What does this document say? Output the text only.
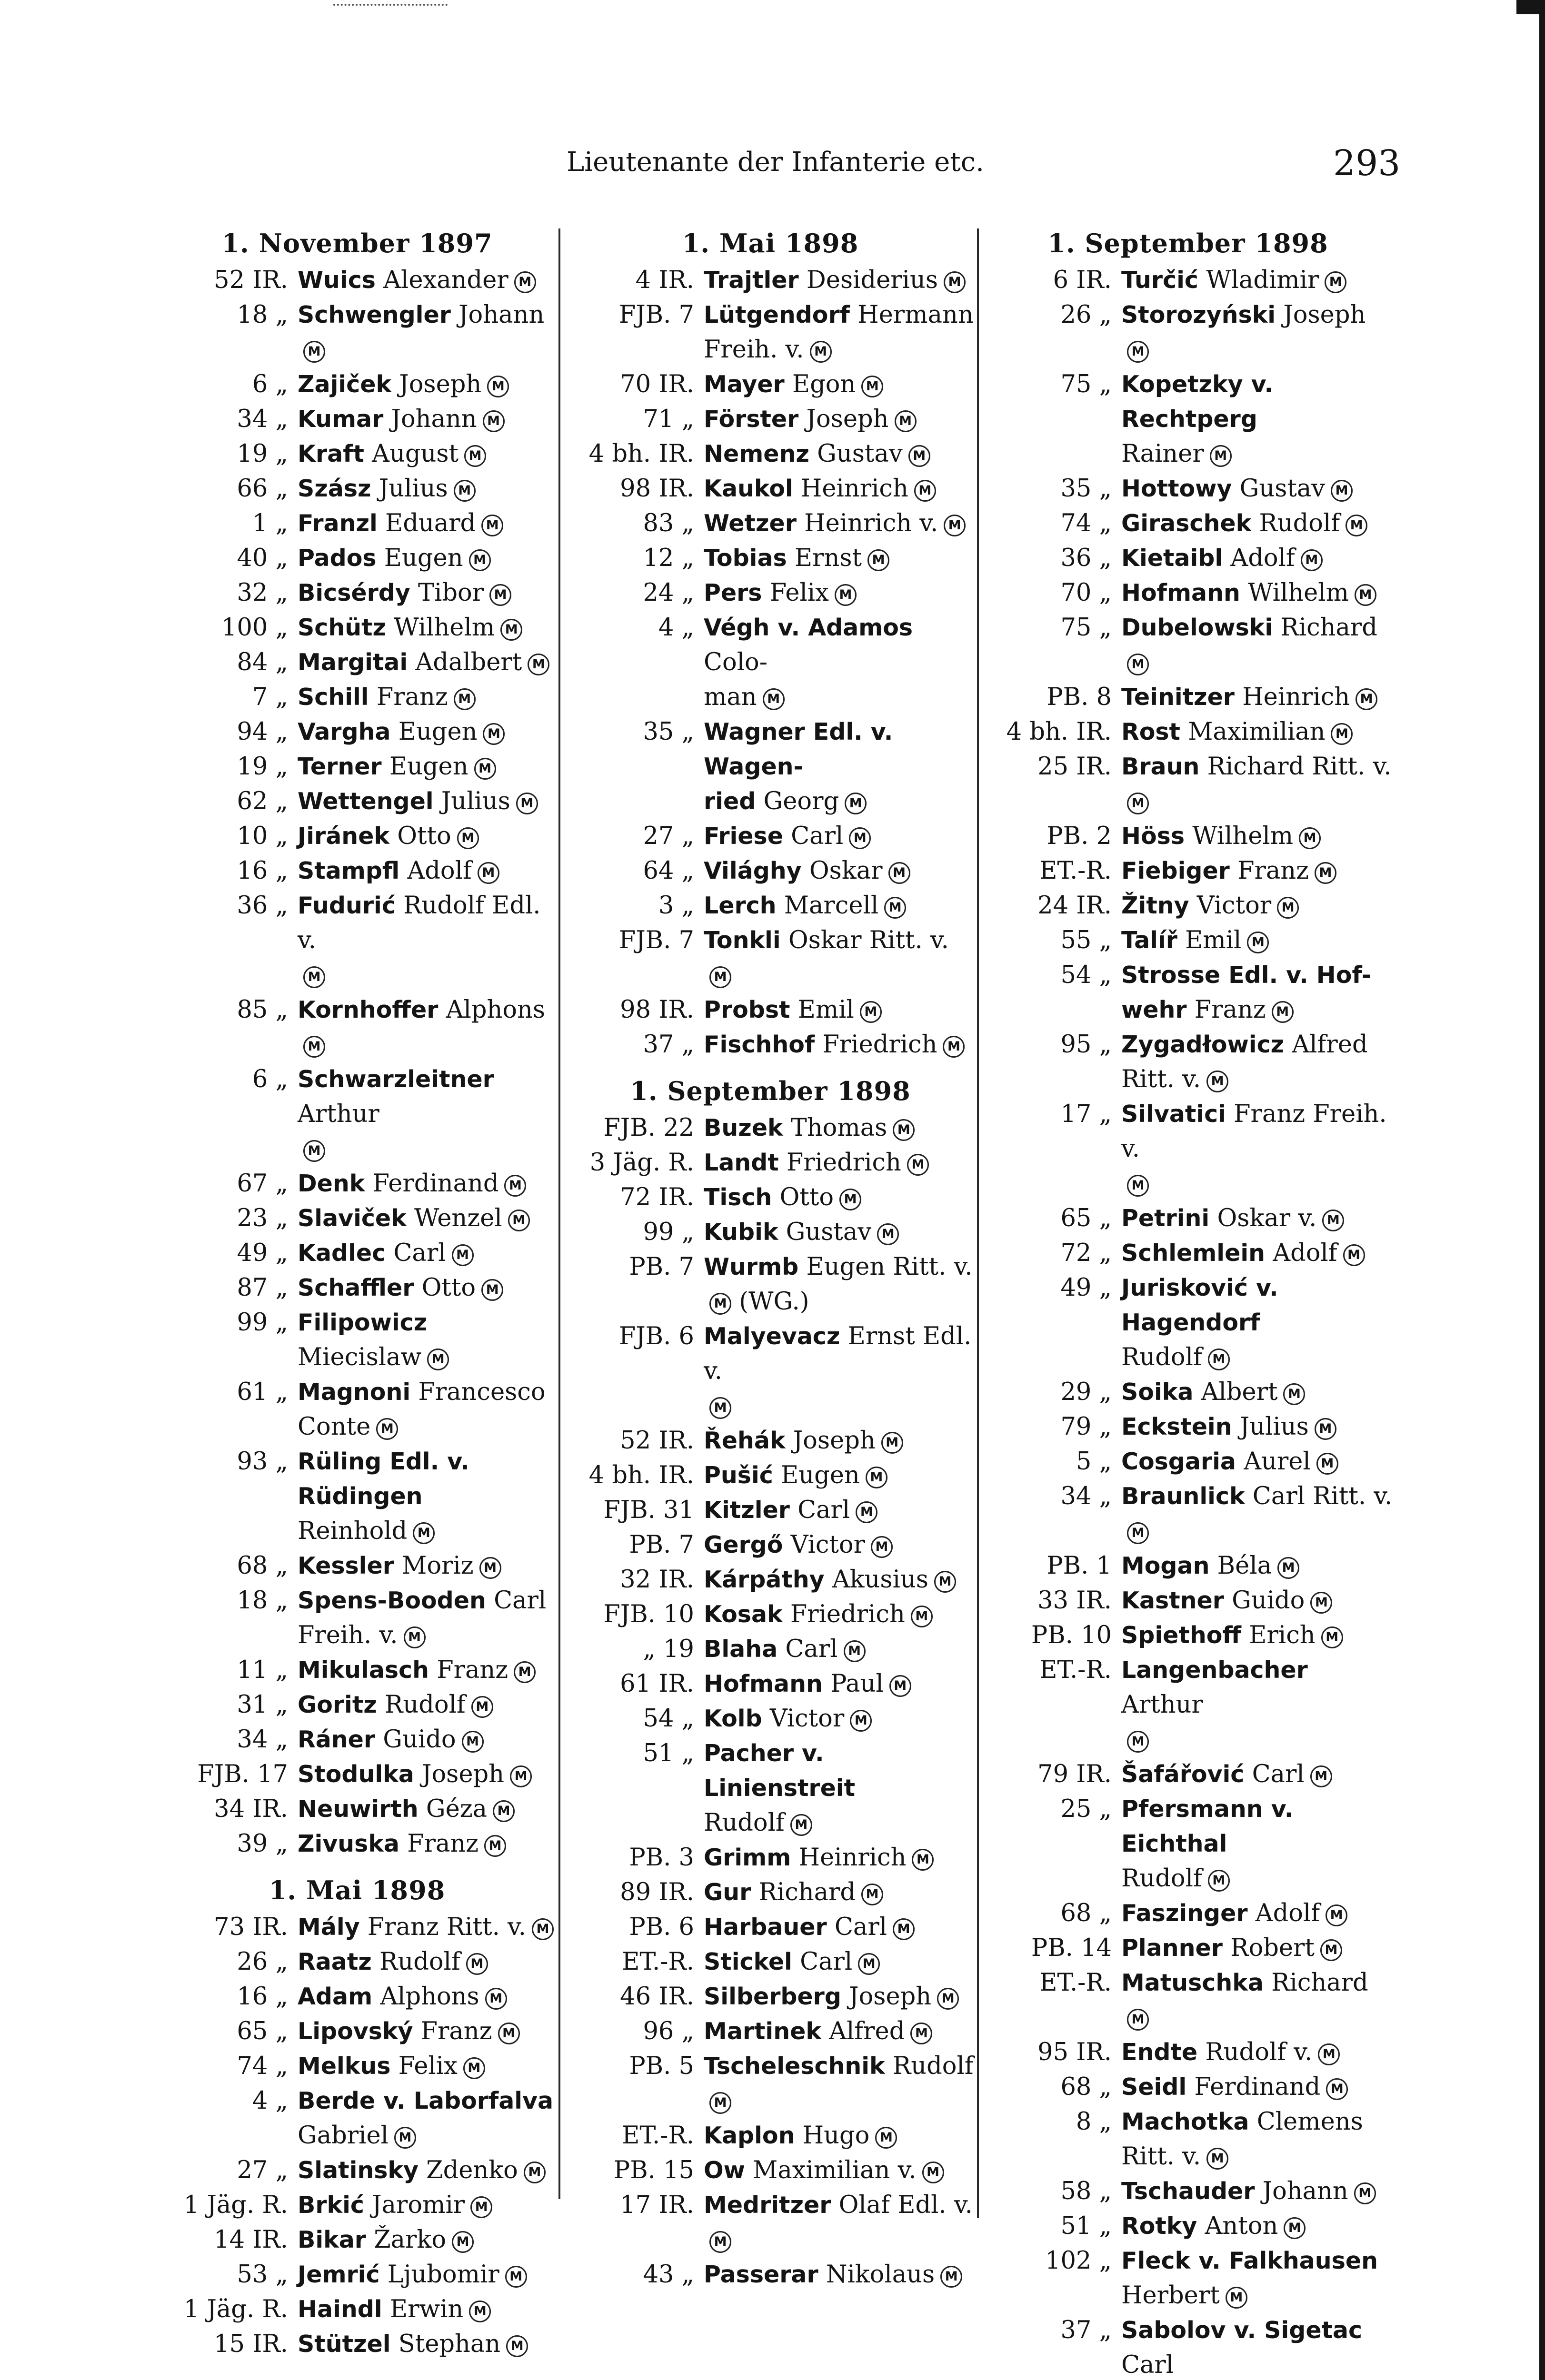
Lieutenante der Infanterie etc.	293
1. November 1897
52 IR. Wuics Alexander M
18 „ Schwengler JohannM
6 „ Zajiček Joseph M
34 „ Kumar Johann M
19 „ Kraft August M
66 „ Szász Julius M
1 „ Franzl Eduard M
40 „ Pados Eugen M
32 „ Bicsérdy Tibor M
100 „ Schütz Wilhelm M
84 „ Margitai Adalbert M
7 „ Schill Franz M
94 „ Vargha Eugen M
19 „ Terner Eugen M
62 „ Wettengel Julius M
10 „ Jiránek Otto M
16 „ Stampfl Adolf M
36 „ Fudurić Rudolf Edl. v.
M
85 „ Kornhoffer AlphonsM
6 „ Schwarzleitner Arthur
M
67 „ Denk Ferdinand M
23 „ Slaviček Wenzel M
49 „ Kadlec Carl M
87 „ Schaffler Otto M
99 „ Filipowicz Miecislaw M
61 „ Magnoni Francesco
Conte M
93 „ Rüling Edl. v. Rüdingen
Reinhold M
68 „ Kessler Moriz M
18 „ Spens-Booden Carl
Freih. v. M
11 „ Mikulasch Franz M
31 „ Goritz Rudolf M
34 „ Ráner Guido M
FJB. 17 Stodulka Joseph M
34 IR. Neuwirth Géza M
39 „ Zivuska Franz M
1. Mai 1898
73 IR. Mály Franz Ritt. v. M
26 „ Raatz Rudolf M
16 „ Adam Alphons M
65 „ Lipovský Franz M
74 „ Melkus Felix M
4 „ Berde v. Laborfalva
Gabriel M
27 „ Slatinsky Zdenko M
1 Jäg. R. Brkić Jaromir M
14 IR. Bikar Žarko M
53 „ Jemrić Ljubomir M
1 Jäg. R. Haindl Erwin M
15 IR. Stützel Stephan M
1. Mai 1898
4 IR. Trajtler Desiderius M
FJB. 7 Lütgendorf Hermann
Freih. v. M
70 IR. Mayer Egon M
71 „ Förster Joseph M
4 bh. IR. Nemenz Gustav M
98 IR. Kaukol Heinrich M
83 „ Wetzer Heinrich v. M
12 „ Tobias Ernst M
24 „ Pers Felix M
4 „ Végh v. Adamos Colo-
man M
35 „ Wagner Edl. v. Wagen-
ried Georg M
27 „ Friese Carl M
64 „ Világhy Oskar M
3 „ Lerch Marcell M
FJB. 7 Tonkli Oskar Ritt. v.
M
98 IR. Probst Emil M
37 „ Fischhof Friedrich M
1. September 1898
FJB. 22 Buzek Thomas M
3 Jäg. R. Landt Friedrich M
72 IR. Tisch Otto M
99 „ Kubik Gustav M
PB. 7 Wurmb Eugen Ritt. v.
M (WG.)
FJB. 6 Malyevacz Ernst Edl. v.
M
52 IR. Řehák Joseph M
4 bh. IR. Pušić Eugen M
FJB. 31 Kitzler Carl M
PB. 7 Gergő Victor M
32 IR. Kárpáthy Akusius M
FJB. 10 Kosak Friedrich M
„ 19 Blaha Carl M
61 IR. Hofmann Paul M
54 „ Kolb Victor M
51 „ Pacher v. Linienstreit
Rudolf M
PB. 3 Grimm Heinrich M
89 IR. Gur Richard M
PB. 6 Harbauer Carl M
ET.-R. Stickel Carl M
46 IR. Silberberg Joseph M
96 „ Martinek Alfred M
PB. 5 Tscheleschnik RudolfM
ET.-R. Kaplon Hugo M
PB. 15 Ow Maximilian v. M
17 IR. Medritzer Olaf Edl. v.
M
43 „ Passerar Nikolaus M
1. September 1898
6 IR. Turčić Wladimir M
26 „ Storozyński JosephM
75 „ Kopetzky v. Rechtperg
Rainer M
35 „ Hottowy Gustav M
74 „ Giraschek Rudolf M
36 „ Kietaibl Adolf M
70 „ Hofmann Wilhelm M
75 „ Dubelowski RichardM
PB. 8 Teinitzer Heinrich M
4 bh. IR. Rost Maximilian M
25 IR. Braun Richard Ritt. v.
M
PB. 2 Höss Wilhelm M
ET.-R. Fiebiger Franz M
24 IR. Žitny Victor M
55 „ Talíř Emil M
54 „ Strosse Edl. v. Hof-
wehr Franz M
95 „ Zygadłowicz Alfred
Ritt. v. M
17 „ Silvatici Franz Freih. v.
M
65 „ Petrini Oskar v. M
72 „ Schlemlein Adolf M
49 „ Jurisković v. Hagendorf
Rudolf M
29 „ Soika Albert M
79 „ Eckstein Julius M
5 „ Cosgaria Aurel M
34 „ Braunlick Carl Ritt. v.
M
PB. 1 Mogan Béla M
33 IR. Kastner Guido M
PB. 10 Spiethoff Erich M
ET.-R. Langenbacher Arthur
M
79 IR. Šafářović Carl M
25 „ Pfersmann v. Eichthal
Rudolf M
68 „ Faszinger Adolf M
PB. 14 Planner Robert M
ET.-R. Matuschka RichardM
95 IR. Endte Rudolf v. M
68 „ Seidl Ferdinand M
8 „ Machotka Clemens
Ritt. v. M
58 „ Tschauder Johann M
51 „ Rotky Anton M
102 „ Fleck v. Falkhausen
Herbert M
37 „ Sabolov v. Sigetac Carl
